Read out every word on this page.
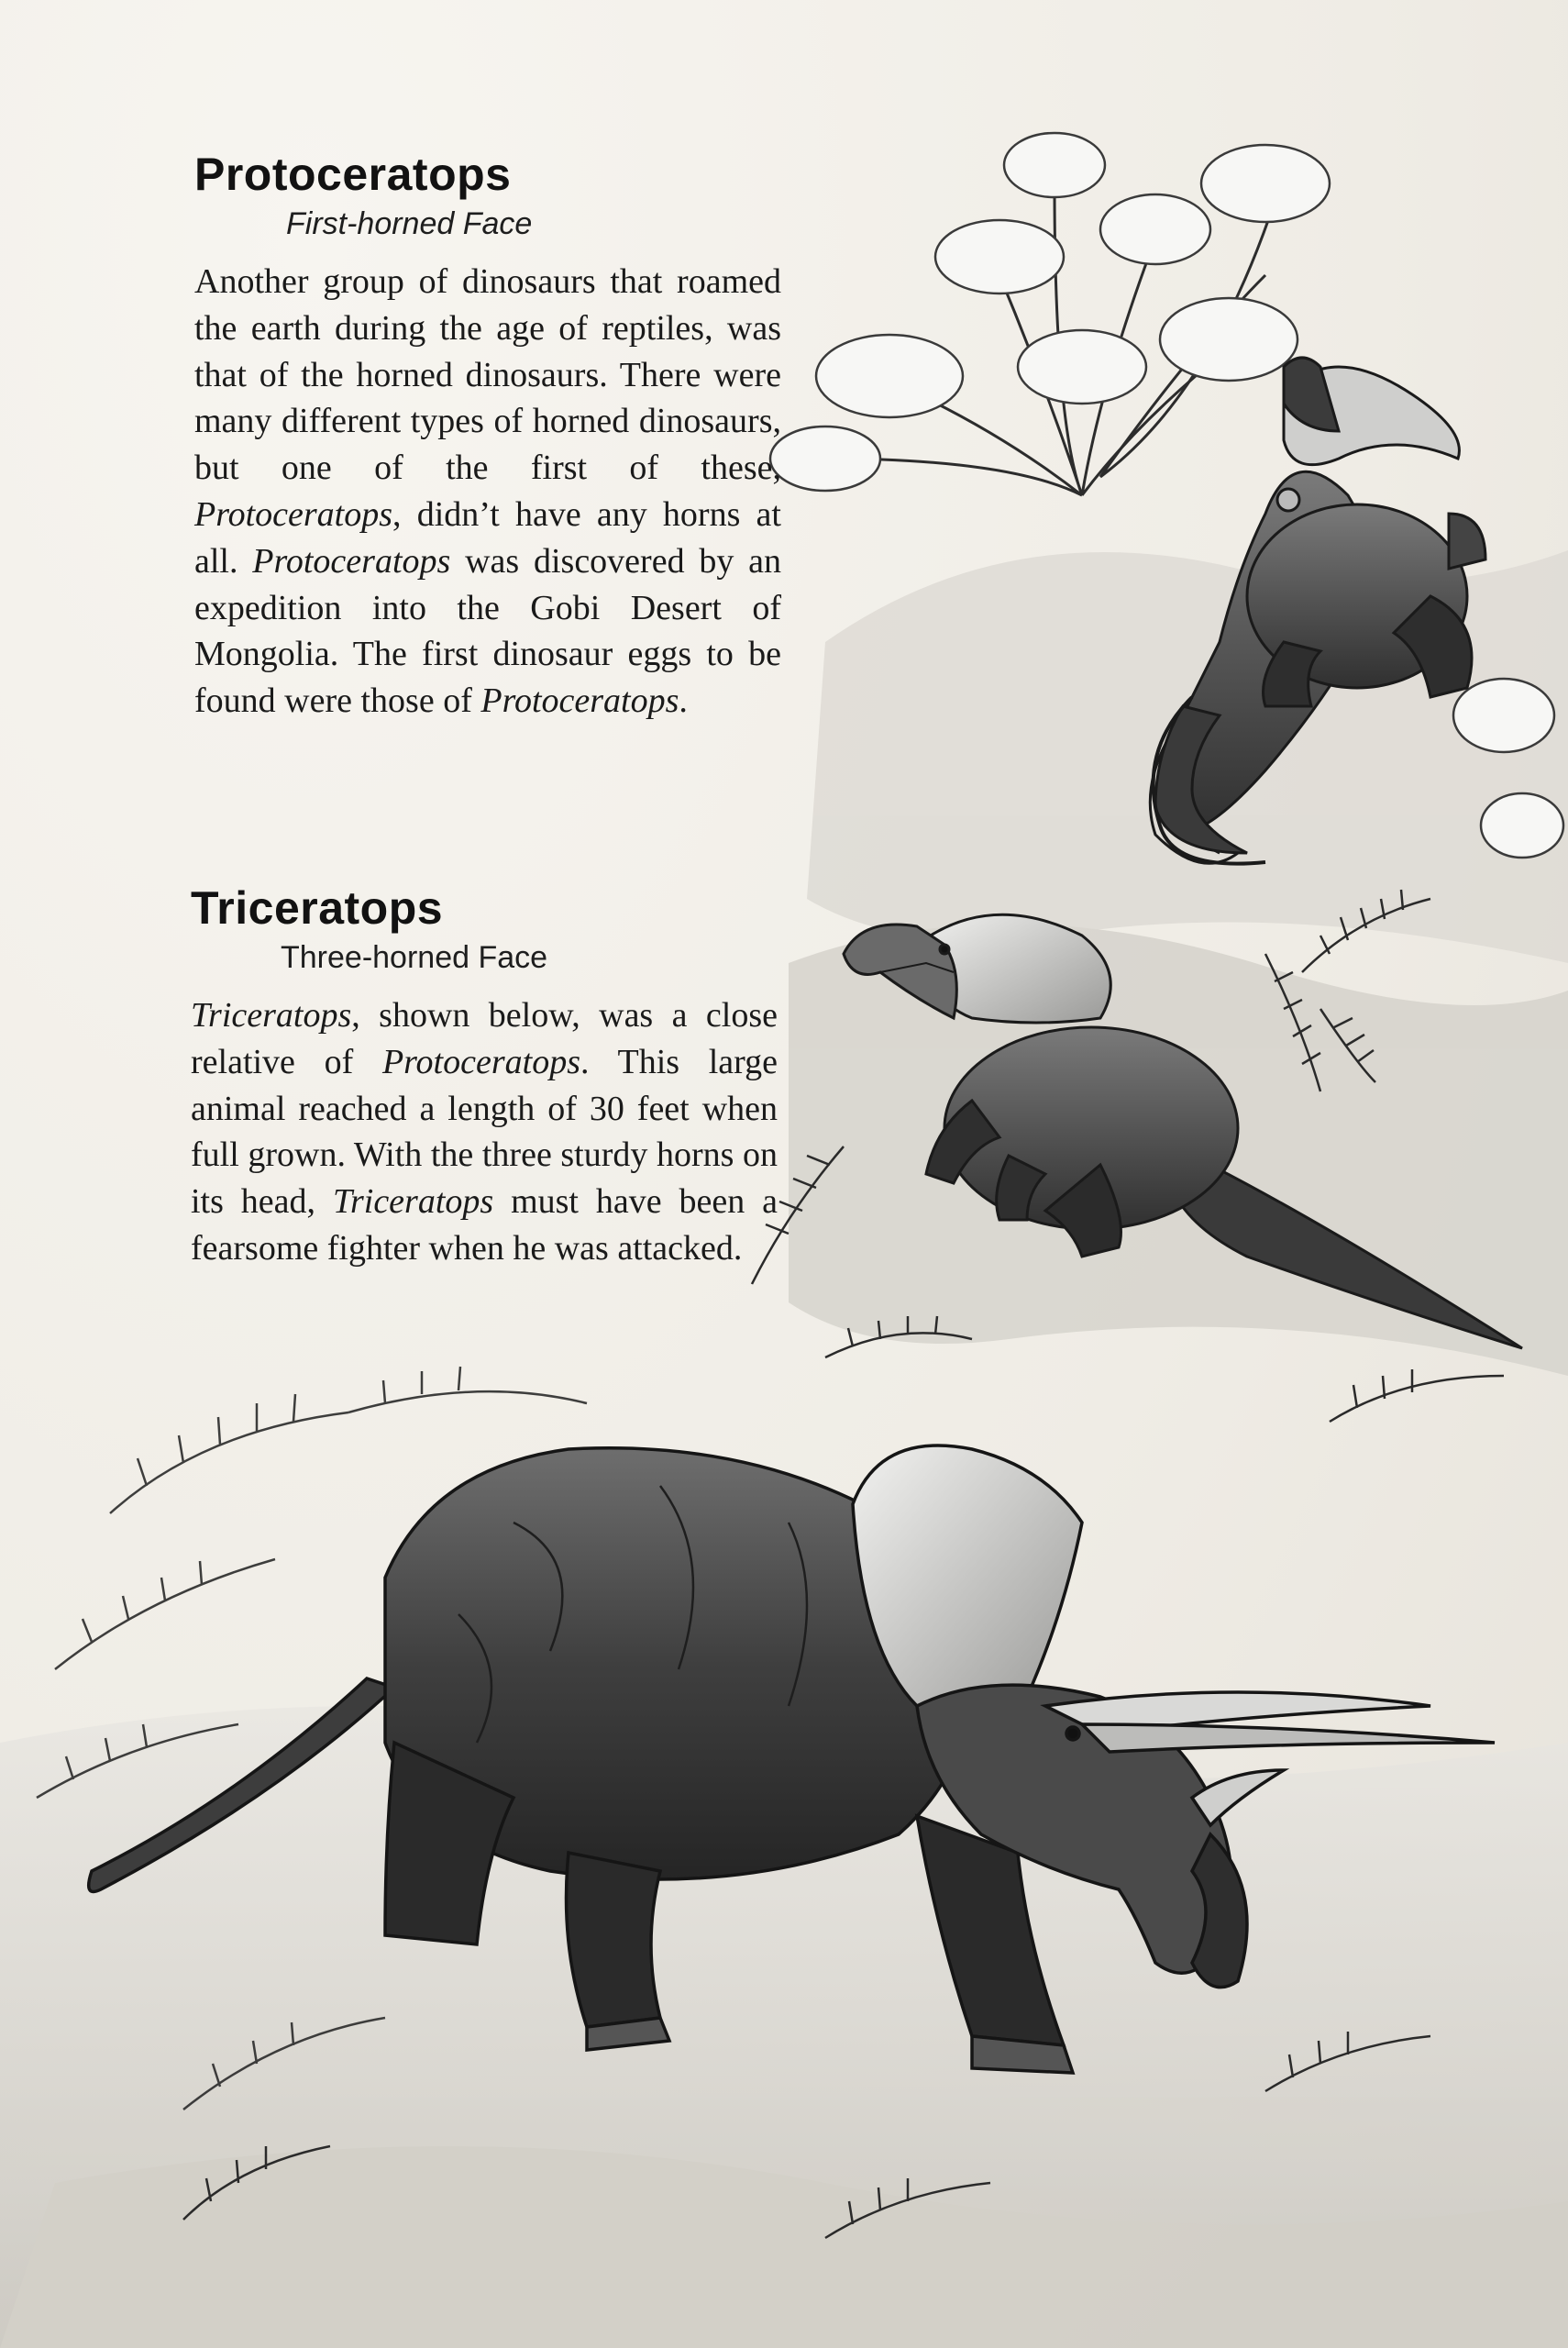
Protoceratops

First-horned Face

Another group of dinosaurs that roamed the earth during the age of reptiles, was that of the horned dinosaurs. There were many different types of horned dinosaurs, but one of the first of these, Protoceratops, didn’t have any horns at all. Protoceratops was discovered by an expedition into the Gobi Desert of Mongolia. The first dinosaur eggs to be found were those of Protoceratops.

Triceratops

Three-horned Face

Triceratops, shown below, was a close relative of Protoceratops. This large animal reached a length of 30 feet when full grown. With the three sturdy horns on its head, Triceratops must have been a fearsome fighter when he was attacked.
